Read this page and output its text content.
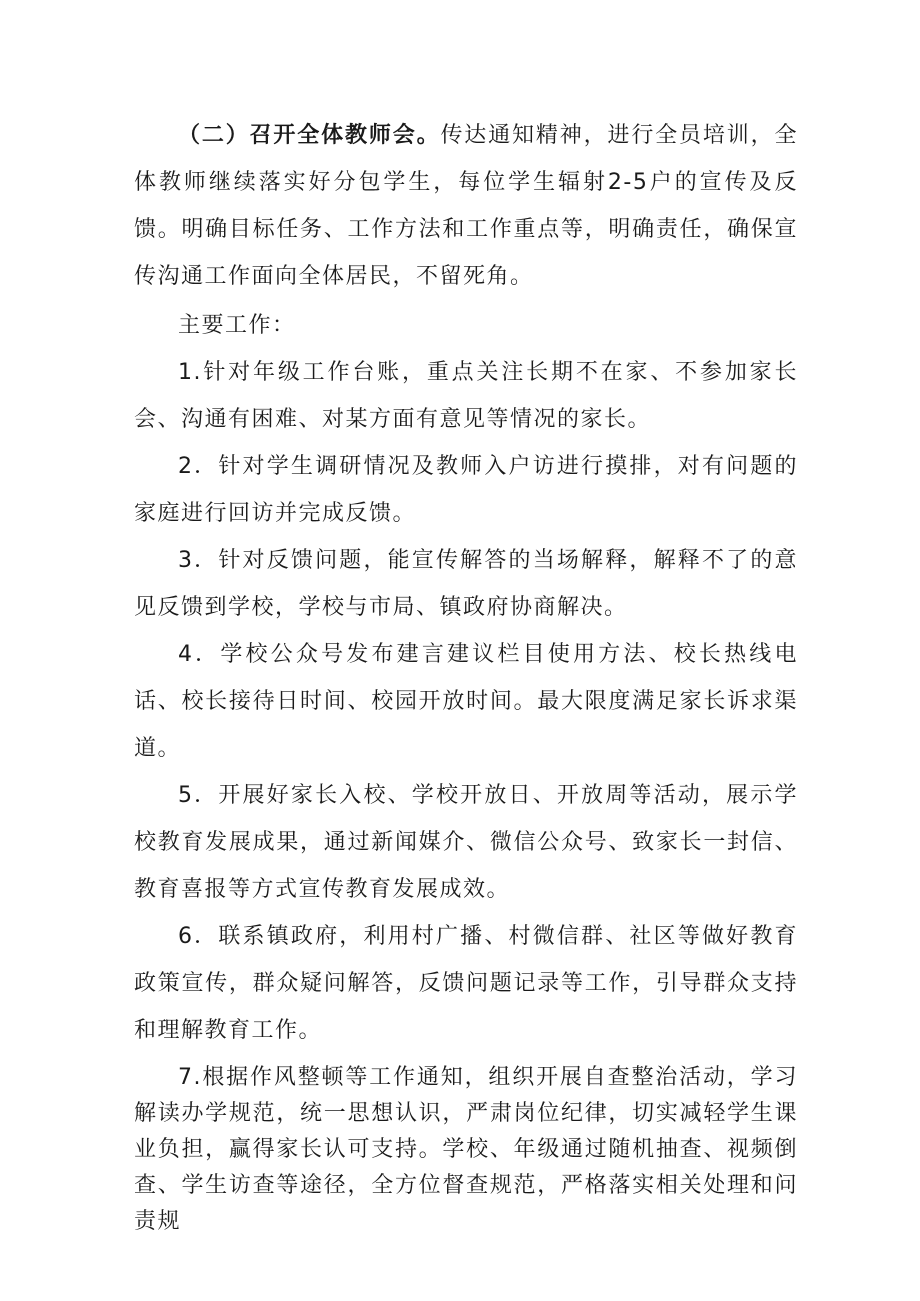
（二）召开全体教师会。传达通知精神，进行全员培训，全体教师继续落实好分包学生，每位学生辐射2-5户的宣传及反馈。明确目标任务、工作方法和工作重点等，明确责任，确保宣传沟通工作面向全体居民，不留死角。

主要工作：

1.针对年级工作台账，重点关注长期不在家、不参加家长会、沟通有困难、对某方面有意见等情况的家长。

2．针对学生调研情况及教师入户访进行摸排，对有问题的家庭进行回访并完成反馈。

3．针对反馈问题，能宣传解答的当场解释，解释不了的意见反馈到学校，学校与市局、镇政府协商解决。

4．学校公众号发布建言建议栏目使用方法、校长热线电话、校长接待日时间、校园开放时间。最大限度满足家长诉求渠道。

5．开展好家长入校、学校开放日、开放周等活动，展示学校教育发展成果，通过新闻媒介、微信公众号、致家长一封信、教育喜报等方式宣传教育发展成效。

6．联系镇政府，利用村广播、村微信群、社区等做好教育政策宣传，群众疑问解答，反馈问题记录等工作，引导群众支持和理解教育工作。

7.根据作风整顿等工作通知，组织开展自查整治活动，学习解读办学规范，统一思想认识，严肃岗位纪律，切实减轻学生课业负担，赢得家长认可支持。学校、年级通过随机抽查、视频倒查、学生访查等途径，全方位督查规范，严格落实相关处理和问责规
